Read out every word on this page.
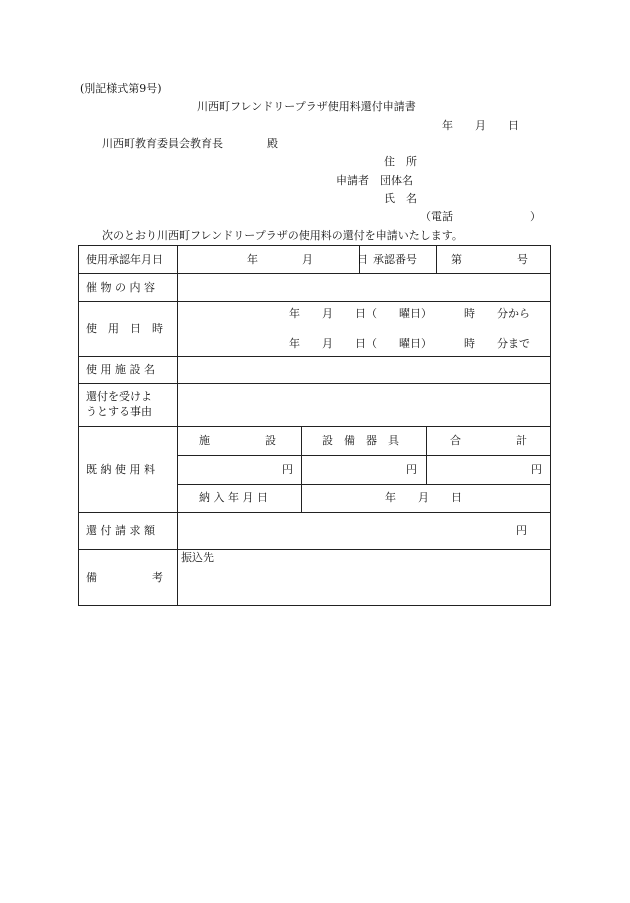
(別記様式第9号)
川西町フレンドリープラザ使用料還付申請書
年　　月　　日
川西町教育委員会教育長　　　　殿
住　所
申請者　団体名
氏　名
（電話　　　　　　　）
次のとおり川西町フレンドリープラザの使用料の還付を申請いたします。
使用承認年月日	年　　　　月　　　　日 承認番号	第　　　　　号
催 物 の 内 容
使　用　日　時
年　　月　　日（　　曜日）	時　　分から
年　　月　　日（　　曜日）	時　　分まで
使 用 施 設 名
還付を受けよ
うとする事由
既 納 使 用 料
施　　　　　設	設　備　器　具	合　　　　　計
円	円	円
納 入 年 月 日	年　　月　　日
還 付 請 求 額	円
備　　　　　考
振込先
